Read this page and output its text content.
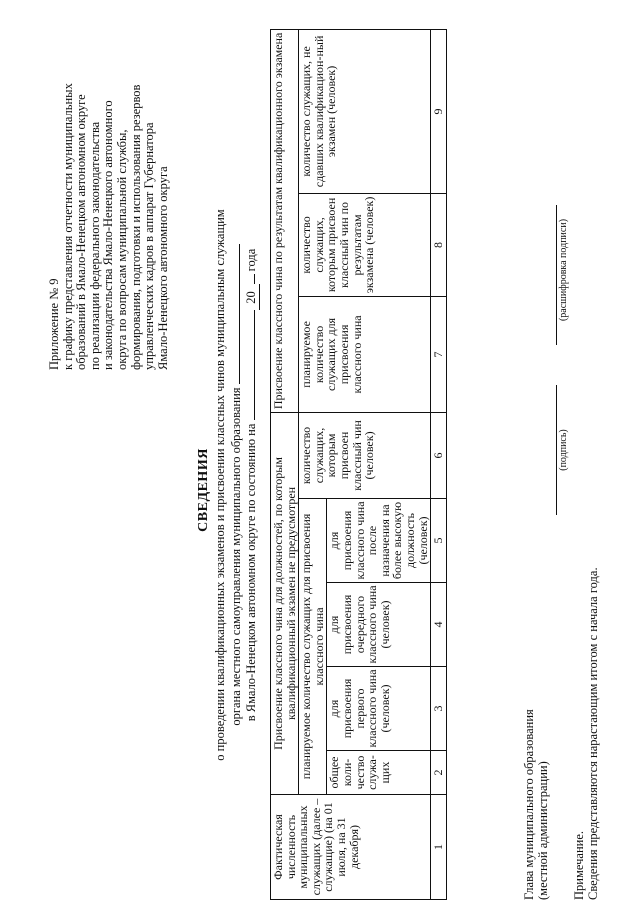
Приложение № 9 к графику представления отчетности муниципальных образований в Ямало-Ненецком автономном округе по реализации федерального законодательства и законодательства Ямало-Ненецкого автономного округа по вопросам муниципальной службы, формирования, подготовки и использования резервов управленческих кадров в аппарат Губернатора Ямало-Ненецкого автономного округа
СВЕДЕНИЯ о проведении квалификационных экзаменов и присвоении классных чинов муниципальным служащим органа местного самоуправления муниципального образования в Ямало-Ненецком автономном округе по состоянию на 20 года
Фактическая численность муниципальных служащих (далее – служащие) (на 01 июля, на 31 декабря)	Присвоение классного чина для должностей, по которым квалификационный экзамен не предусмотрен					Присвоение классного чина по результатам квалификационного экзамена		
	планируемое количество служащих для присвоения классного чина				количество служащих, которым присвоен классный чин (человек)	планируемое количество служащих для присвоения классного чина	количество служащих, которым присвоен классный чин по результатам экзамена (человек)	количество служащих, не сдавших квалификацион-ный экзамен (человек)
	общее коли-чество служа-щих	для присвоения первого классного чина (человек)	для присвоения очередного классного чина (человек)	для присвоения классного чина после назначения на более высокую должность (человек)				
1	2	3	4	5	6	7	8	9
Глава муниципального образования (местной администрации)
(подпись)
(расшифровка подписи)
Примечание. Сведения представляются нарастающим итогом с начала года.
